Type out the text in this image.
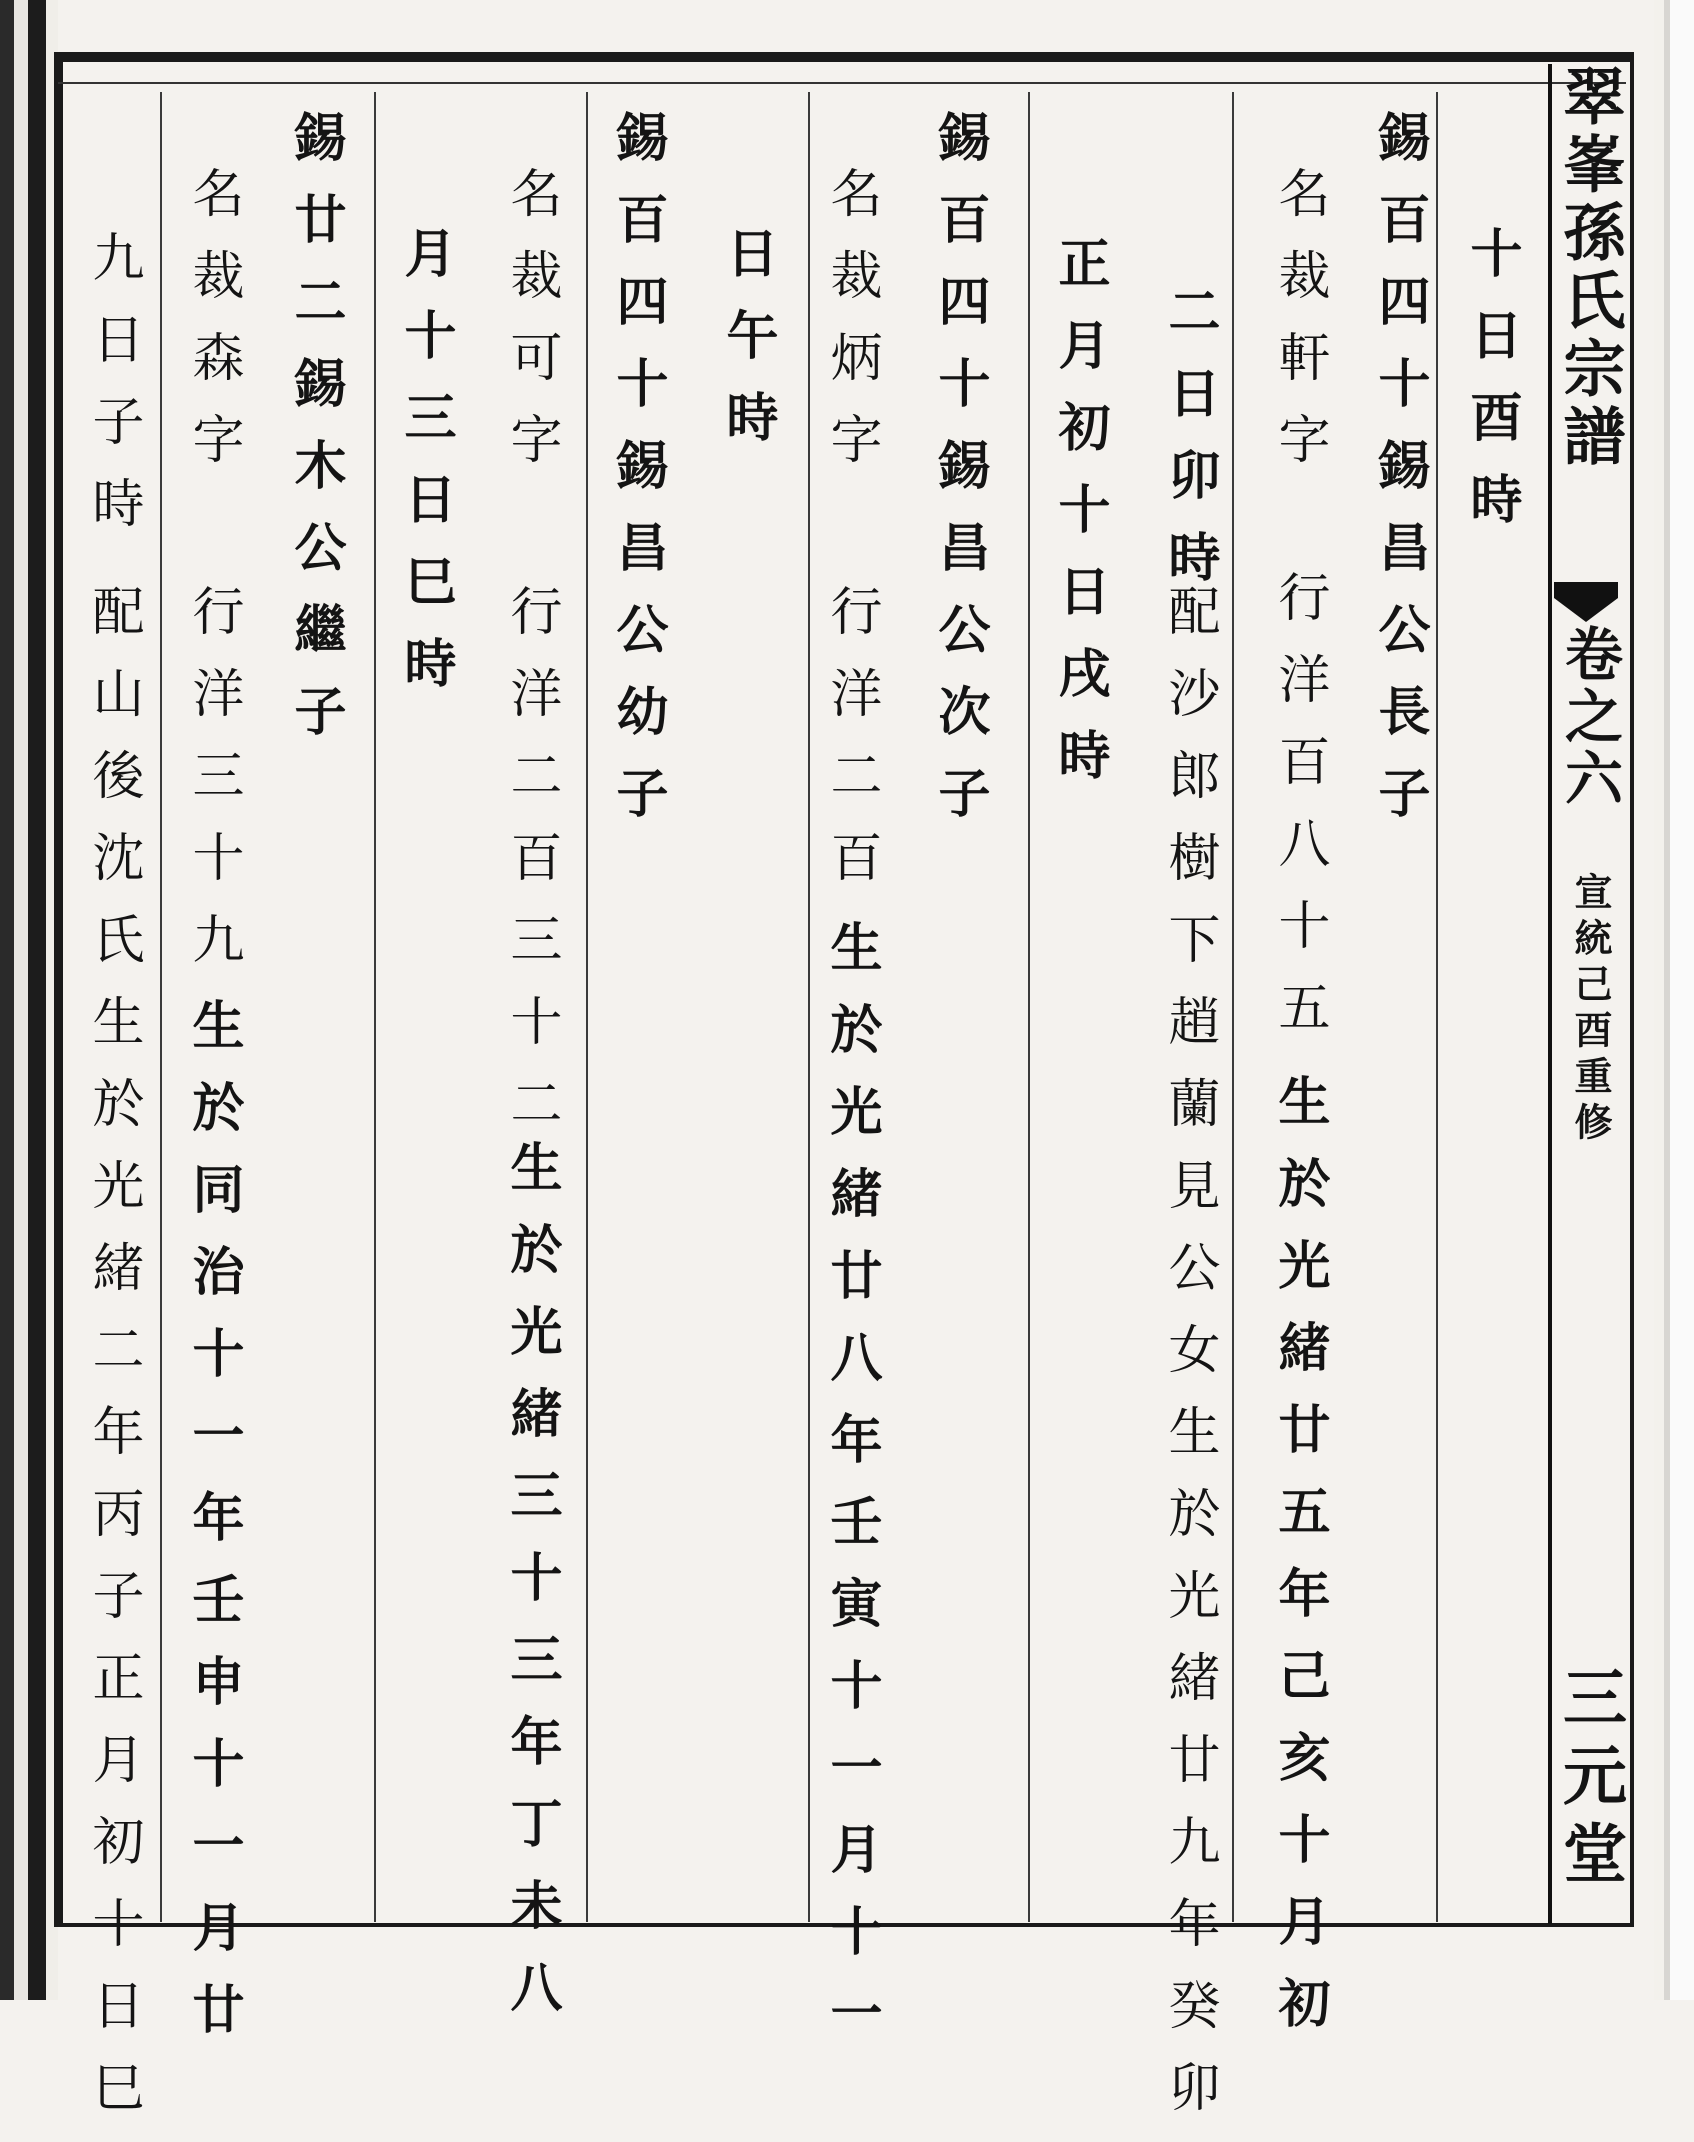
翠峯孫氏宗譜
卷之六
宣統己酉重修
三元堂
十日酉時
錫百四十錫昌公長子
名裁軒字
行洋百八十五
生於光緒廿五年己亥十月初
二日卯時
配沙郎樹下趙蘭見公女生於光緒廿九年癸卯
正月初十日戌時
錫百四十錫昌公次子
名裁炳字
行洋二百
生於光緒廿八年壬寅十一月十一
日午時
錫百四十錫昌公幼子
名裁可字
行洋二百三十二
生於光緒三十三年丁未八
月十三日巳時
錫廿二錫木公繼子
名裁森字
行洋三十九
生於同治十一年壬申十一月廿
九日子時
配山後沈氏生於光緒二年丙子正月初十日巳
